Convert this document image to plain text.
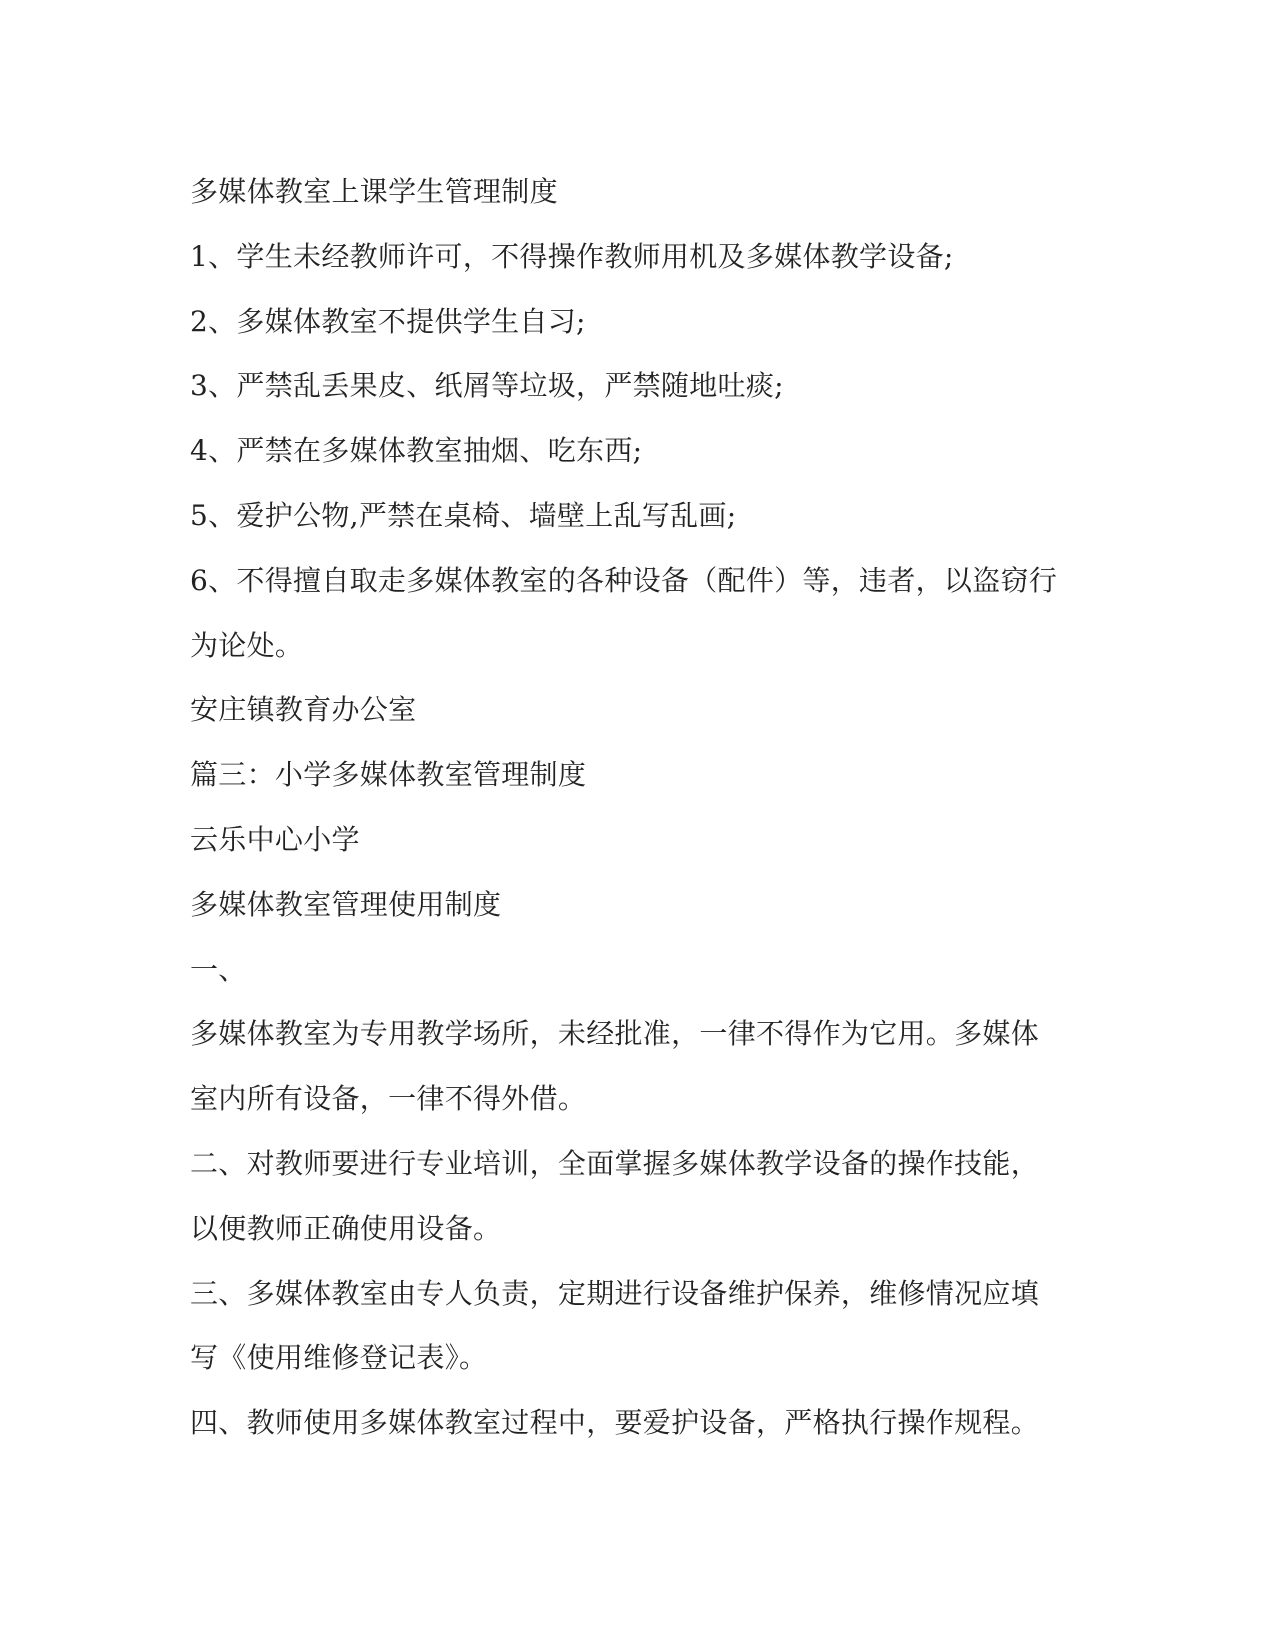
多媒体教室上课学生管理制度
1、学生未经教师许可，不得操作教师用机及多媒体教学设备;
2、多媒体教室不提供学生自习;
3、严禁乱丢果皮、纸屑等垃圾，严禁随地吐痰;
4、严禁在多媒体教室抽烟、吃东西;
5、爱护公物,严禁在桌椅、墙壁上乱写乱画;
6、不得擅自取走多媒体教室的各种设备（配件）等，违者，以盗窃行
为论处。
安庄镇教育办公室
篇三：小学多媒体教室管理制度
云乐中心小学
多媒体教室管理使用制度
一、
多媒体教室为专用教学场所，未经批准，一律不得作为它用。多媒体
室内所有设备，一律不得外借。
二、对教师要进行专业培训，全面掌握多媒体教学设备的操作技能，
以便教师正确使用设备。
三、多媒体教室由专人负责，定期进行设备维护保养，维修情况应填
写《使用维修登记表》。
四、教师使用多媒体教室过程中，要爱护设备，严格执行操作规程。
